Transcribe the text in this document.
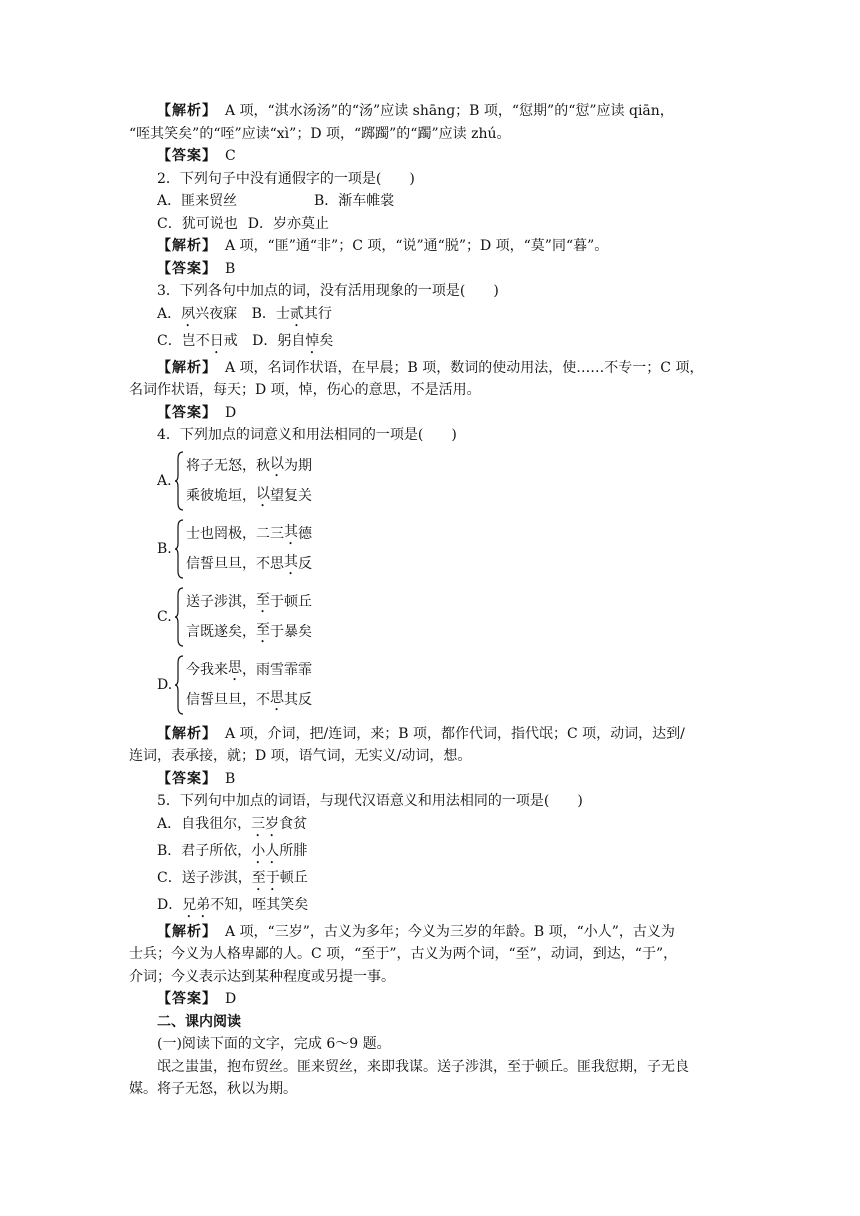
【解析】 A 项，“淇水汤汤”的“汤”应读 shānɡ；B 项，“愆期”的“愆”应读 qiān，
“咥其笑矣”的“咥”应读“xì”；D 项，“踯躅”的“躅”应读 zhú。
【答案】 C
2．下列句子中没有通假字的一项是(　　)
A．匪来贸丝	B．渐车帷裳
C．犹可说也 D．岁亦莫止
【解析】 A 项，“匪”通“非”；C 项，“说”通“脱”；D 项，“莫”同“暮”。
【答案】 B
3．下列各句中加点的词，没有活用现象的一项是(　　)
A．夙兴夜寐 B．士贰其行
C．岂不日戒 D．躬自悼矣
【解析】 A 项，名词作状语，在早晨；B 项，数词的使动用法，使……不专一；C 项，
名词作状语，每天；D 项，悼，伤心的意思，不是活用。
【答案】 D
4．下列加点的词意义和用法相同的一项是(　　)
A.
将子无怒，秋 以 为期
乘彼垝垣， 以 望复关
B.
士也罔极，二三 其 德
信誓旦旦，不思 其 反
C.
送子涉淇， 至 于顿丘
言既遂矣， 至 于暴矣
D.
今我来 思 ，雨雪霏霏
信誓旦旦，不 思 其反
【解析】 A 项，介词，把/连词，来；B 项，都作代词，指代氓；C 项，动词，达到/
连词，表承接，就；D 项，语气词，无实义/动词，想。
【答案】 B
5．下列句中加点的词语，与现代汉语意义和用法相同的一项是(　　)
A．自我徂尔，三岁食贫
B．君子所依，小人所腓
C．送子涉淇，至于顿丘
D．兄弟不知，咥其笑矣
【解析】 A 项，“三岁”，古义为多年；今义为三岁的年龄。B 项，“小人”，古义为
士兵；今义为人格卑鄙的人。C 项，“至于”，古义为两个词，“至”，动词，到达，“于”，
介词；今义表示达到某种程度或另提一事。
【答案】 D
二、课内阅读
(一)阅读下面的文字，完成 6～9 题。
氓之蚩蚩，抱布贸丝。匪来贸丝，来即我谋。送子涉淇，至于顿丘。匪我愆期，子无良
媒。将子无怒，秋以为期。
